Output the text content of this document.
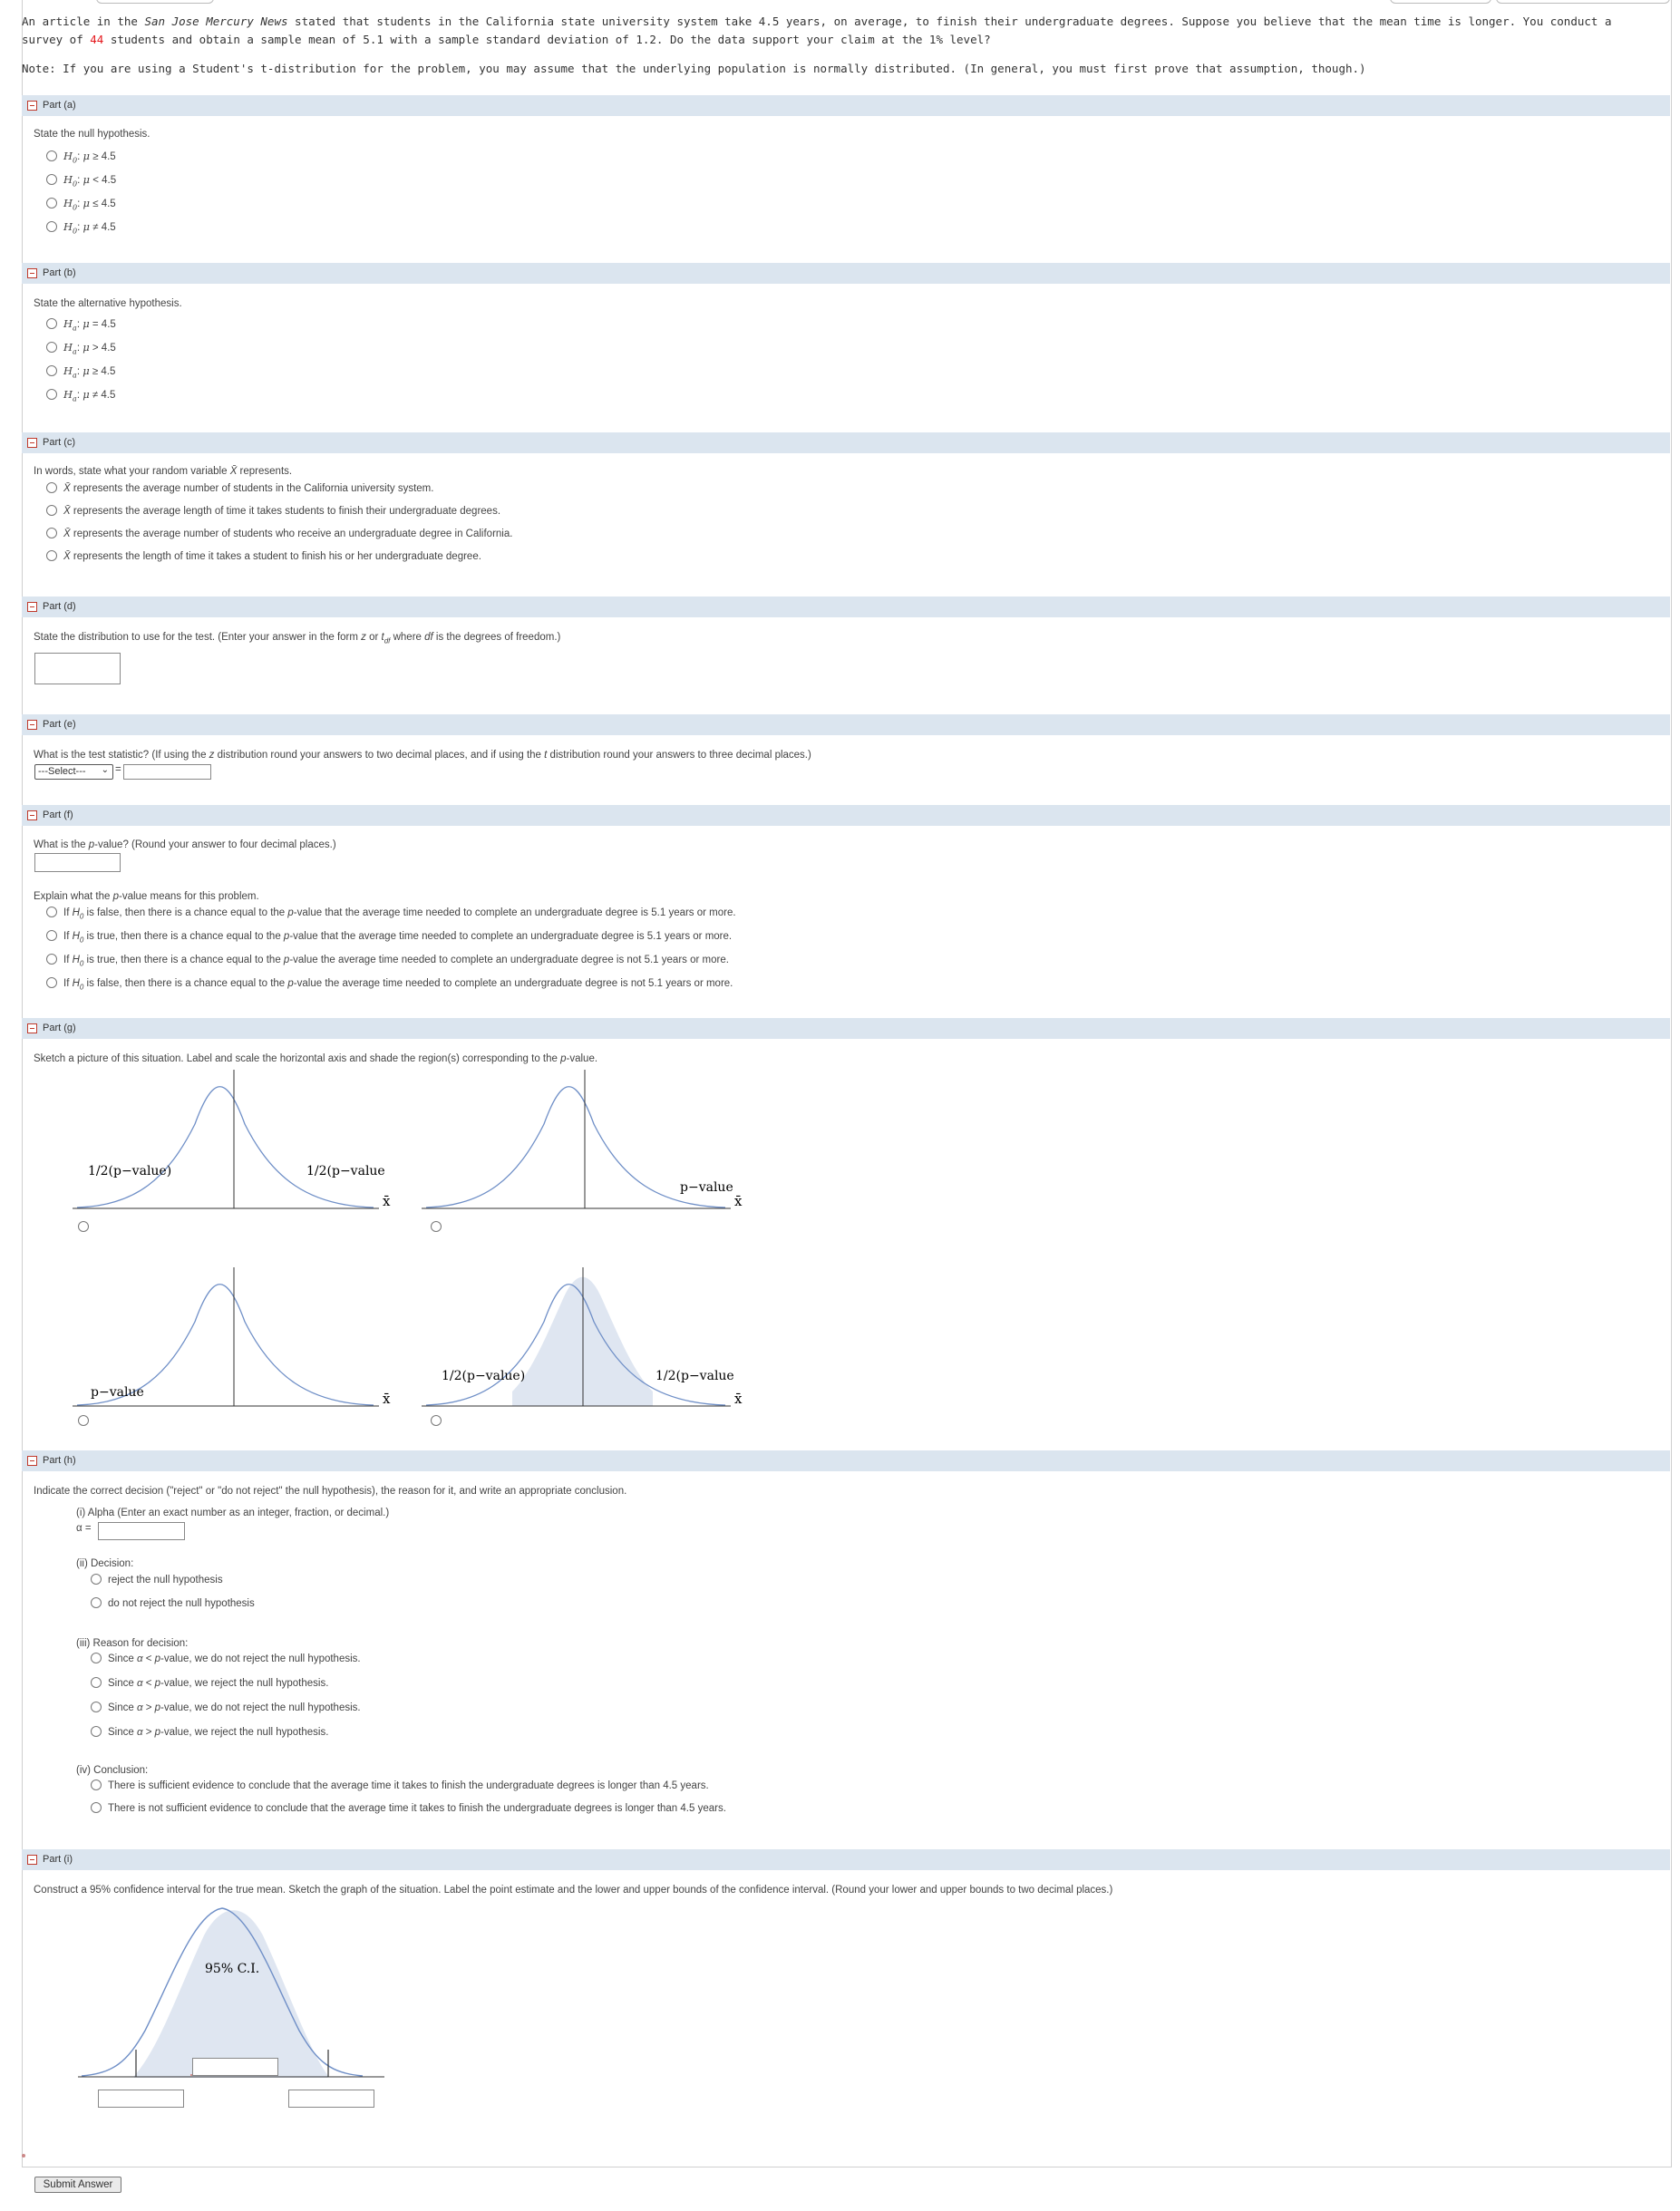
An article in the San Jose Mercury News stated that students in the California state university system take 4.5 years, on average, to finish their undergraduate degrees. Suppose you believe that the mean time is longer. You conduct a survey of 44 students and obtain a sample mean of 5.1 with a sample standard deviation of 1.2. Do the data support your claim at the 1% level?
Note: If you are using a Student's t-distribution for the problem, you may assume that the underlying population is normally distributed. (In general, you must first prove that assumption, though.)
Part (a)
State the null hypothesis.
$H_0$: μ ≥ 4.5
$H_0$: μ < 4.5
$H_0$: μ ≤ 4.5
$H_0$: μ ≠ 4.5
Part (b)
State the alternative hypothesis.
$H_a$: μ = 4.5
$H_a$: μ > 4.5
$H_a$: μ ≥ 4.5
$H_a$: μ ≠ 4.5
Part (c)
In words, state what your random variable X̄ represents.
X̄ represents the average number of students in the California university system.
X̄ represents the average length of time it takes students to finish their undergraduate degrees.
X̄ represents the average number of students who receive an undergraduate degree in California.
X̄ represents the length of time it takes a student to finish his or her undergraduate degree.
Part (d)
State the distribution to use for the test. (Enter your answer in the form z or $t_{df}$ where df is the degrees of freedom.)
Part (e)
What is the test statistic? (If using the z distribution round your answers to two decimal places, and if using the t distribution round your answers to three decimal places.)
---Select--- ⌄ =
Part (f)
What is the p-value? (Round your answer to four decimal places.)
Explain what the p-value means for this problem.
If $H_0$ is false, then there is a chance equal to the p-value that the average time needed to complete an undergraduate degree is 5.1 years or more.
If $H_0$ is true, then there is a chance equal to the p-value that the average time needed to complete an undergraduate degree is 5.1 years or more.
If $H_0$ is true, then there is a chance equal to the p-value the average time needed to complete an undergraduate degree is not 5.1 years or more.
If $H_0$ is false, then there is a chance equal to the p-value the average time needed to complete an undergraduate degree is not 5.1 years or more.
Part (g)
Sketch a picture of this situation. Label and scale the horizontal axis and shade the region(s) corresponding to the p-value.
1/2(p−value)	1/2(p−value
x̄
p−value
x̄
p−value	x̄
1/2(p−value)	1/2(p−value
x̄
Part (h)
Indicate the correct decision ("reject" or "do not reject" the null hypothesis), the reason for it, and write an appropriate conclusion.
(i) Alpha (Enter an exact number as an integer, fraction, or decimal.)
α =
(ii) Decision:
reject the null hypothesis
do not reject the null hypothesis
(iii) Reason for decision:
Since α < p-value, we do not reject the null hypothesis.
Since α < p-value, we reject the null hypothesis.
Since α > p-value, we do not reject the null hypothesis.
Since α > p-value, we reject the null hypothesis.
(iv) Conclusion:
There is sufficient evidence to conclude that the average time it takes to finish the undergraduate degrees is longer than 4.5 years.
There is not sufficient evidence to conclude that the average time it takes to finish the undergraduate degrees is longer than 4.5 years.
Part (i)
Construct a 95% confidence interval for the true mean. Sketch the graph of the situation. Label the point estimate and the lower and upper bounds of the confidence interval. (Round your lower and upper bounds to two decimal places.)
95% C.I.
Submit Answer
